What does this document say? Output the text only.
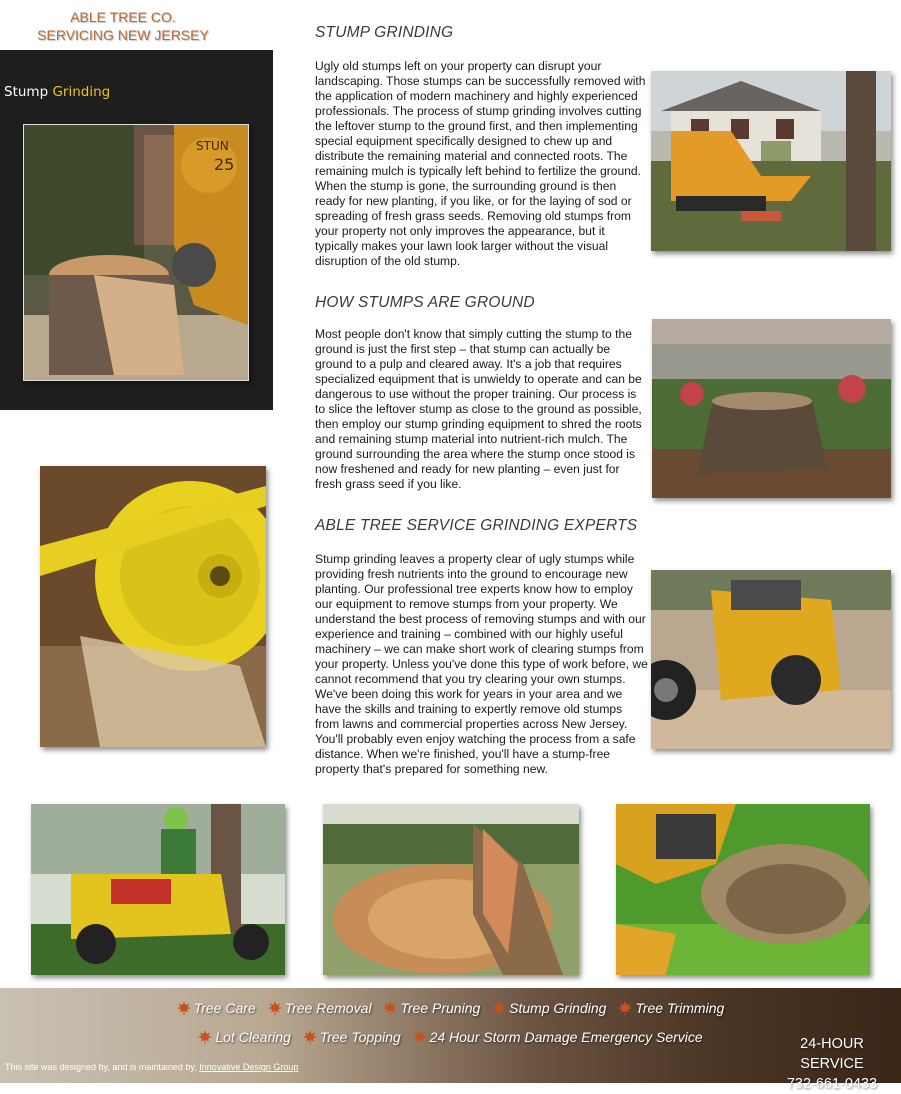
ABLE TREE CO.
SERVICING NEW JERSEY
Stump Grinding
STUN
25
STUMP GRINDING
Ugly old stumps left on your property can disrupt your landscaping. Those stumps can be successfully removed with the application of modern machinery and highly experienced professionals. The process of stump grinding involves cutting the leftover stump to the ground first, and then implementing special equipment specifically designed to chew up and distribute the remaining material and connected roots. The remaining mulch is typically left behind to fertilize the ground. When the stump is gone, the surrounding ground is then ready for new planting, if you like, or for the laying of sod or spreading of fresh grass seeds. Removing old stumps from your property not only improves the appearance, but it typically makes your lawn look larger without the visual disruption of the old stump.
HOW STUMPS ARE GROUND
Most people don't know that simply cutting the stump to the ground is just the first step – that stump can actually be ground to a pulp and cleared away. It's a job that requires specialized equipment that is unwieldy to operate and can be dangerous to use without the proper training. Our process is to slice the leftover stump as close to the ground as possible, then employ our stump grinding equipment to shred the roots and remaining stump material into nutrient-rich mulch. The ground surrounding the area where the stump once stood is now freshened and ready for new planting – even just for fresh grass seed if you like.
ABLE TREE SERVICE GRINDING EXPERTS
Stump grinding leaves a property clear of ugly stumps while providing fresh nutrients into the ground to encourage new planting. Our professional tree experts know how to employ our equipment to remove stumps from your property. We understand the best process of removing stumps and with our experience and training – combined with our highly useful machinery – we can make short work of clearing stumps from your property. Unless you've done this type of work before, we cannot recommend that you try clearing your own stumps. We've been doing this work for years in your area and we have the skills and training to expertly remove old stumps from lawns and commercial properties across New Jersey. You'll probably even enjoy watching the process from a safe distance. When we're finished, you'll have a stump-free property that's prepared for something new.
Tree Care Tree Removal Tree Pruning Stump Grinding Tree Trimming
Lot Clearing Tree Topping 24 Hour Storm Damage Emergency Service	24-HOUR SERVICE
732-661-0433
This site was designed by, and is maintained by, Innovative Design Group
